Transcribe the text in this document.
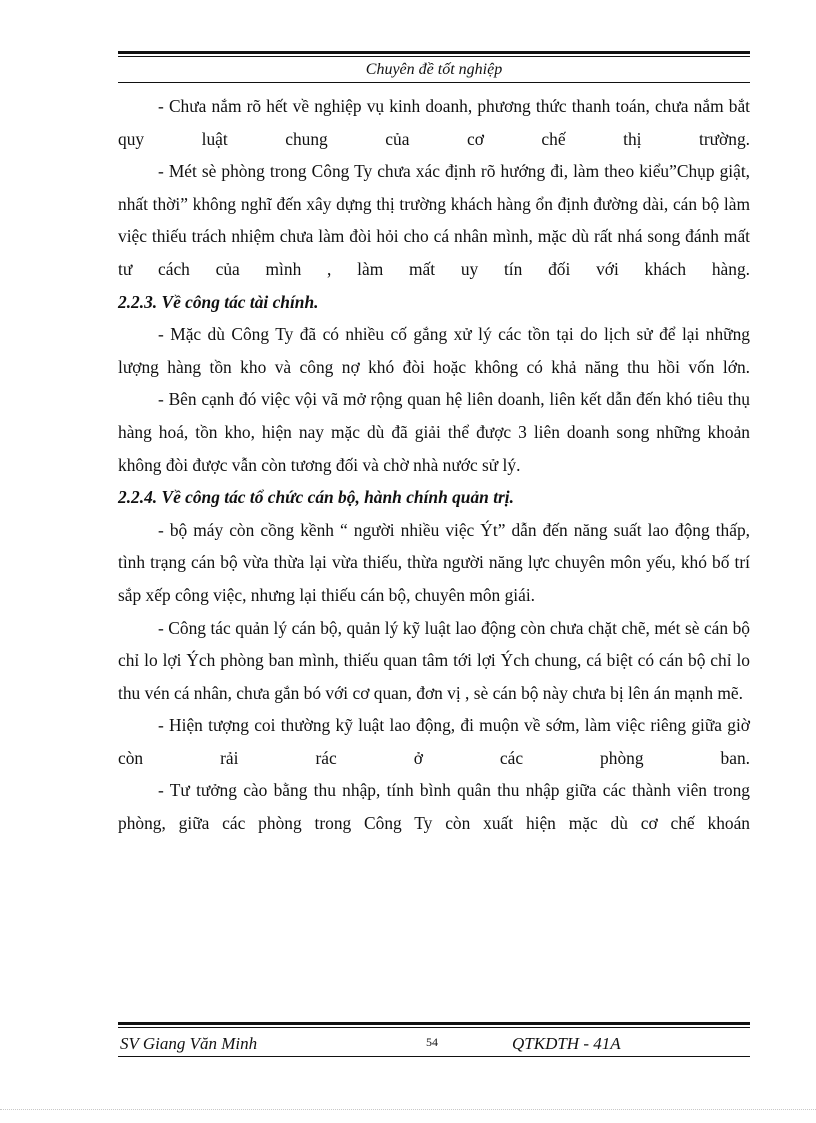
Chuyên đề tốt nghiệp

- Chưa nắm rõ hết về nghiệp vụ kinh doanh, phương thức thanh toán, chưa nắm bắt quy luật chung của cơ chế thị trường.

- Mét sè phòng trong Công Ty chưa xác định rõ hướng đi, làm theo kiểu”Chụp giật, nhất thời” không nghĩ đến xây dựng thị trường khách hàng ổn định đường dài, cán bộ làm việc thiếu trách nhiệm chưa làm đòi hỏi cho cá nhân mình, mặc dù rất nhá song đánh mất tư cách của mình , làm mất uy tín đối với khách hàng.

2.2.3. Về công tác tài chính.

- Mặc dù Công Ty đã có nhiều cố gắng xử lý các tồn tại do lịch sử để lại những lượng hàng tồn kho và công nợ khó đòi hoặc không có khả năng thu hồi vốn lớn.

- Bên cạnh đó việc vội vã mở rộng quan hệ liên doanh, liên kết dẫn đến khó tiêu thụ hàng hoá, tồn kho, hiện nay mặc dù đã giải thể được 3 liên doanh song những khoản không đòi được vẫn còn tương đối và chờ nhà nước sử lý.

2.2.4. Về công tác tổ chức cán bộ, hành chính quản trị.

- bộ máy còn cồng kềnh “ người nhiều việc Ýt” dẫn đến năng suất lao động thấp, tình trạng cán bộ vừa thừa lại vừa thiếu, thừa người năng lực chuyên môn yếu, khó bố trí sắp xếp công việc, nhưng lại thiếu cán bộ, chuyên môn giái.

- Công tác quản lý cán bộ, quản lý kỹ luật lao động còn chưa chặt chẽ, mét sè cán bộ chỉ lo lợi Ých phòng ban mình, thiếu quan tâm tới lợi Ých chung, cá biệt có cán bộ chỉ lo thu vén cá nhân, chưa gắn bó với cơ quan, đơn vị , sè cán bộ này chưa bị lên án mạnh mẽ.

- Hiện tượng coi thường kỹ luật lao động, đi muộn về sớm, làm việc riêng giữa giờ còn rải rác ở các phòng ban.

- Tư tưởng cào bằng thu nhập, tính bình quân thu nhập giữa các thành viên trong phòng, giữa các phòng trong Công Ty còn xuất hiện mặc dù cơ chế khoán

SV Giang Văn Minh	54	QTKDTH - 41A
